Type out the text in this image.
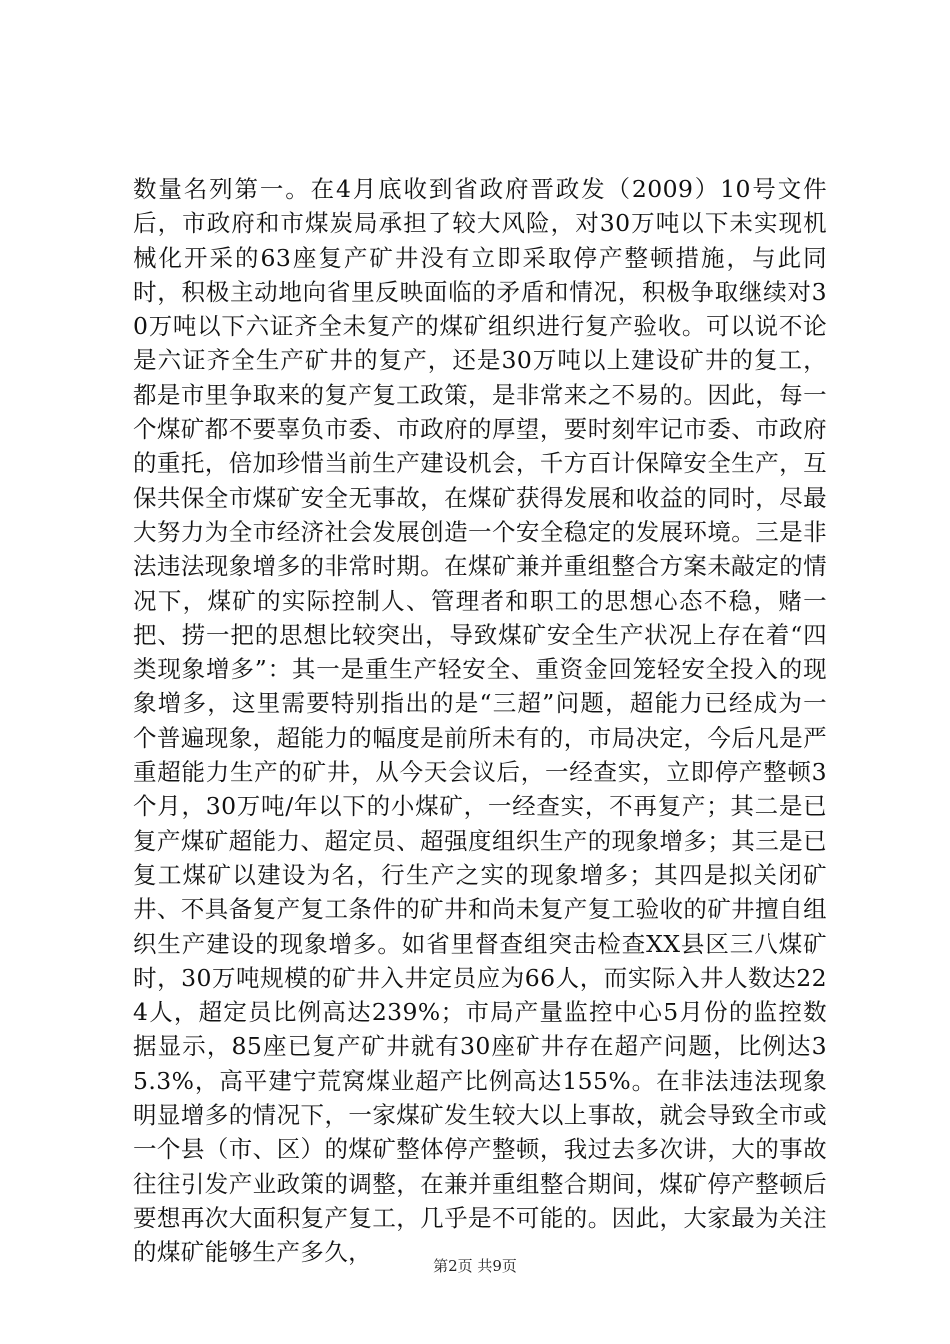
数量名列第一。在4月底收到省政府晋政发（2009）10号文件后，市政府和市煤炭局承担了较大风险，对30万吨以下未实现机械化开采的63座复产矿井没有立即采取停产整顿措施，与此同时，积极主动地向省里反映面临的矛盾和情况，积极争取继续对30万吨以下六证齐全未复产的煤矿组织进行复产验收。可以说不论是六证齐全生产矿井的复产，还是30万吨以上建设矿井的复工，都是市里争取来的复产复工政策，是非常来之不易的。因此，每一个煤矿都不要辜负市委、市政府的厚望，要时刻牢记市委、市政府的重托，倍加珍惜当前生产建设机会，千方百计保障安全生产，互保共保全市煤矿安全无事故，在煤矿获得发展和收益的同时，尽最大努力为全市经济社会发展创造一个安全稳定的发展环境。三是非法违法现象增多的非常时期。在煤矿兼并重组整合方案未敲定的情况下，煤矿的实际控制人、管理者和职工的思想心态不稳，赌一把、捞一把的思想比较突出，导致煤矿安全生产状况上存在着“四类现象增多”：其一是重生产轻安全、重资金回笼轻安全投入的现象增多，这里需要特别指出的是“三超”问题，超能力已经成为一个普遍现象，超能力的幅度是前所未有的，市局决定，今后凡是严重超能力生产的矿井，从今天会议后，一经查实，立即停产整顿3个月，30万吨/年以下的小煤矿，一经查实，不再复产；其二是已复产煤矿超能力、超定员、超强度组织生产的现象增多；其三是已复工煤矿以建设为名，行生产之实的现象增多；其四是拟关闭矿井、不具备复产复工条件的矿井和尚未复产复工验收的矿井擅自组织生产建设的现象增多。如省里督查组突击检查XX县区三八煤矿时，30万吨规模的矿井入井定员应为66人，而实际入井人数达224人，超定员比例高达239%；市局产量监控中心5月份的监控数据显示，85座已复产矿井就有30座矿井存在超产问题，比例达35.3%，高平建宁荒窝煤业超产比例高达155%。在非法违法现象明显增多的情况下，一家煤矿发生较大以上事故，就会导致全市或一个县（市、区）的煤矿整体停产整顿，我过去多次讲，大的事故往往引发产业政策的调整，在兼并重组整合期间，煤矿停产整顿后要想再次大面积复产复工，几乎是不可能的。因此，大家最为关注的煤矿能够生产多久，	第2页 共9页
